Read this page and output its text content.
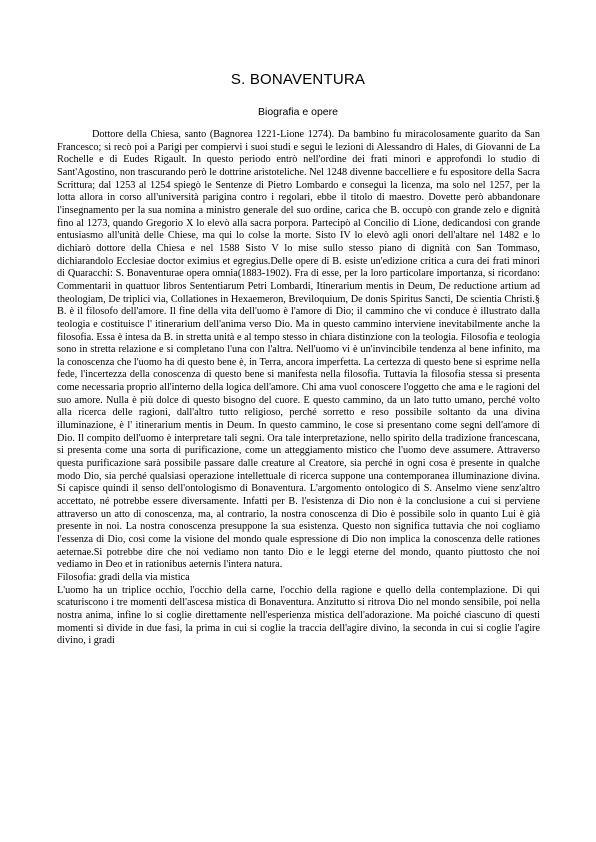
S. BONAVENTURA
Biografia e opere

Dottore della Chiesa, santo (Bagnorea 1221-Lione 1274). Da bambino fu miracolosamente guarito da San Francesco; si recò poi a Parigi per compiervi i suoi studi e seguì le lezioni di Alessandro di Hales, di Giovanni de La Rochelle e di Eudes Rigault. In questo periodo entrò nell'ordine dei frati minori e approfondì lo studio di Sant'Agostino, non trascurando però le dottrine aristoteliche. Nel 1248 divenne baccelliere e fu espositore della Sacra Scrittura; dal 1253 al 1254 spiegò le Sentenze di Pietro Lombardo e conseguì la licenza, ma solo nel 1257, per la lotta allora in corso all'università parigina contro i regolari, ebbe il titolo di maestro. Dovette però abbandonare l'insegnamento per la sua nomina a ministro generale del suo ordine, carica che B. occupò con grande zelo e dignità fino al 1273, quando Gregorio X lo elevò alla sacra porpora. Partecipò al Concilio di Lione, dedicandosi con grande entusiasmo all'unità delle Chiese, ma qui lo colse la morte. Sisto IV lo elevò agli onori dell'altare nel 1482 e lo dichiarò dottore della Chiesa e nel 1588 Sisto V lo mise sullo stesso piano di dignità con San Tommaso, dichiarandolo Ecclesiae doctor eximius et egregius.Delle opere di B. esiste un'edizione critica a cura dei frati minori di Quaracchi: S. Bonaventurae opera omnia(1883-1902). Fra di esse, per la loro particolare importanza, si ricordano: Commentarii in quattuor libros Sententiarum Petri Lombardi, Itinerarium mentis in Deum, De reductione artium ad theologiam, De triplici via, Collationes in Hexaemeron, Breviloquium, De donis Spiritus Sancti, De scientia Christi.§ B. è il filosofo dell'amore. Il fine della vita dell'uomo è l'amore di Dio; il cammino che vi conduce è illustrato dalla teologia e costituisce l' itinerarium dell'anima verso Dio. Ma in questo cammino interviene inevitabilmente anche la filosofia. Essa è intesa da B. in stretta unità e al tempo stesso in chiara distinzione con la teologia. Filosofia e teologia sono in stretta relazione e si completano l'una con l'altra. Nell'uomo vi è un'invincibile tendenza al bene infinito, ma la conoscenza che l'uomo ha di questo bene è, in Terra, ancora imperfetta. La certezza di questo bene si esprime nella fede, l'incertezza della conoscenza di questo bene si manifesta nella filosofia. Tuttavia la filosofia stessa si presenta come necessaria proprio all'interno della logica dell'amore. Chi ama vuol conoscere l'oggetto che ama e le ragioni del suo amore. Nulla è più dolce di questo bisogno del cuore. E questo cammino, da un lato tutto umano, perché volto alla ricerca delle ragioni, dall'altro tutto religioso, perché sorretto e reso possibile soltanto da una divina illuminazione, è l' itinerarium mentis in Deum. In questo cammino, le cose si presentano come segni dell'amore di Dio. Il compito dell'uomo è interpretare tali segni. Ora tale interpretazione, nello spirito della tradizione francescana, si presenta come una sorta di purificazione, come un atteggiamento mistico che l'uomo deve assumere. Attraverso questa purificazione sarà possibile passare dalle creature al Creatore, sia perché in ogni cosa è presente in qualche modo Dio, sia perché qualsiasi operazione intellettuale di ricerca suppone una contemporanea illuminazione divina. Si capisce quindi il senso dell'ontologismo di Bonaventura. L'argomento ontologico di S. Anselmo viene senz'altro accettato, né potrebbe essere diversamente. Infatti per B. l'esistenza di Dio non è la conclusione a cui si perviene attraverso un atto di conoscenza, ma, al contrario, la nostra conoscenza di Dio è possibile solo in quanto Lui è già presente in noi. La nostra conoscenza presuppone la sua esistenza. Questo non significa tuttavia che noi cogliamo l'essenza di Dio, così come la visione del mondo quale espressione di Dio non implica la conoscenza delle rationes aeternae.Si potrebbe dire che noi vediamo non tanto Dio e le leggi eterne del mondo, quanto piuttosto che noi vediamo in Deo et in rationibus aeternis l'intera natura.

Filosofia: gradi della via mistica

L'uomo ha un triplice occhio, l'occhio della carne, l'occhio della ragione e quello della contemplazione. Di qui scaturiscono i tre momenti dell'ascesa mistica di Bonaventura. Anzitutto si ritrova Dio nel mondo sensibile, poi nella nostra anima, infine lo si coglie direttamente nell'esperienza mistica dell'adorazione. Ma poiché ciascuno di questi momenti si divide in due fasi, la prima in cui si coglie la traccia dell'agire divino, la seconda in cui si coglie l'agire divino, i gradi
